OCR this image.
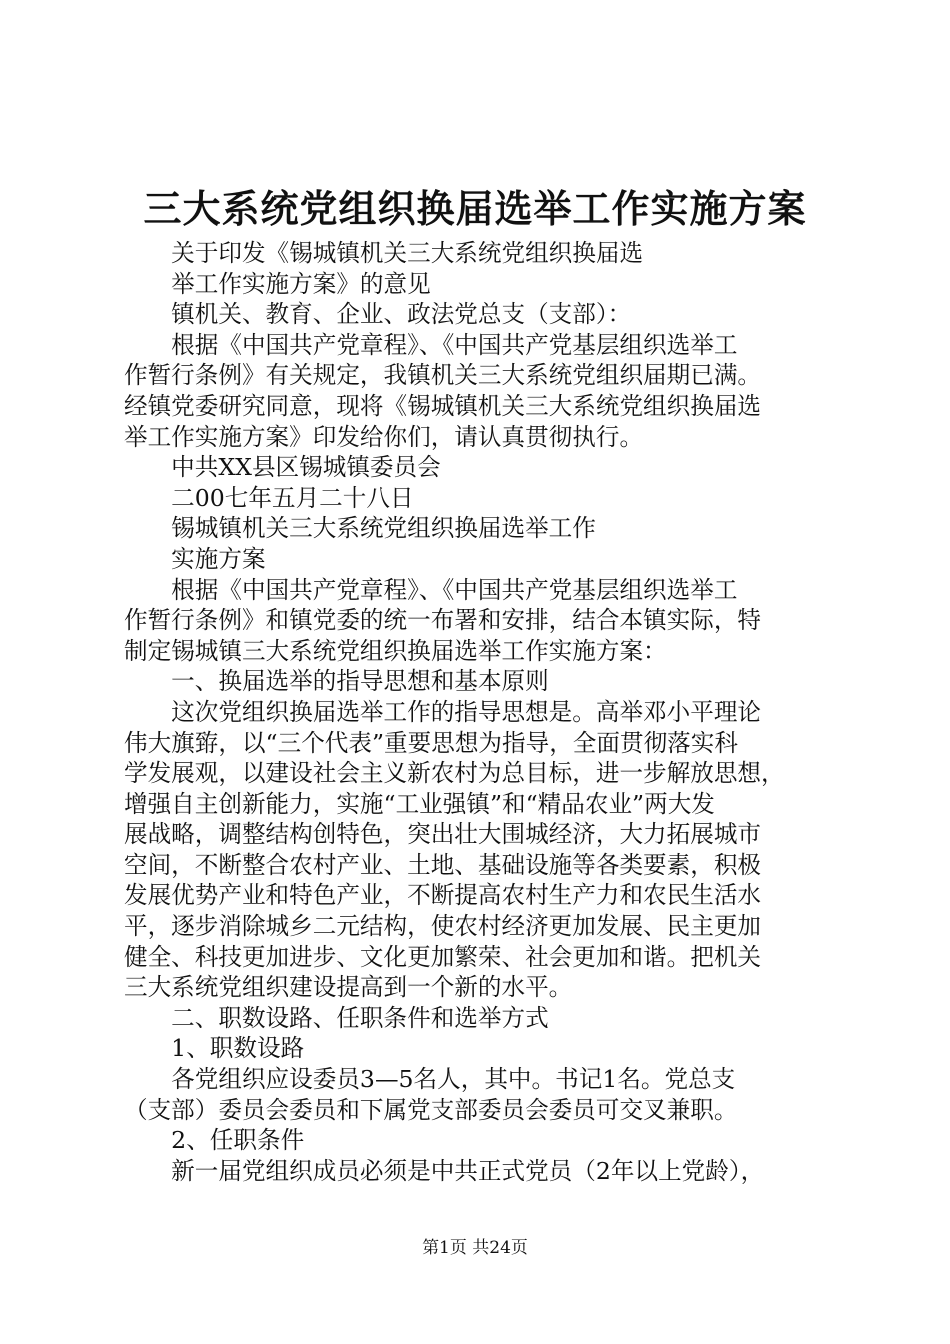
三大系统党组织换届选举工作实施方案

　　关于印发《锡城镇机关三大系统党组织换届选

　　举工作实施方案》的意见

　　镇机关、教育、企业、政法党总支（支部）：

　　根据《中国共产党章程》、《中国共产党基层组织选举工

作暂行条例》有关规定，我镇机关三大系统党组织届期已满。

经镇党委研究同意，现将《锡城镇机关三大系统党组织换届选

举工作实施方案》印发给你们，请认真贯彻执行。

　　中共XX县区锡城镇委员会

　　二00七年五月二十八日

　　锡城镇机关三大系统党组织换届选举工作

　　实施方案

　　根据《中国共产党章程》、《中国共产党基层组织选举工

作暂行条例》和镇党委的统一布署和安排，结合本镇实际，特

制定锡城镇三大系统党组织换届选举工作实施方案：

　　一、换届选举的指导思想和基本原则

　　这次党组织换届选举工作的指导思想是。高举邓小平理论

伟大旗臶，以“三个代表”重要思想为指导，全面贯彻落实科

学发展观，以建设社会主义新农村为总目标，进一步解放思想，

增强自主创新能力，实施“工业强镇”和“精品农业”两大发

展战略，调整结构创特色，突出壮大围城经济，大力拓展城市

空间，不断整合农村产业、土地、基础设施等各类要素，积极

发展优势产业和特色产业，不断提高农村生产力和农民生活水

平，逐步消除城乡二元结构，使农村经济更加发展、民主更加

健全、科技更加进步、文化更加繁荣、社会更加和谐。把机关

三大系统党组织建设提高到一个新的水平。

　　二、职数设路、任职条件和选举方式

　　1、职数设路

　　各党组织应设委员3—5名人，其中。书记1名。党总支

（支部）委员会委员和下属党支部委员会委员可交叉兼职。

　　2、任职条件

　　新一届党组织成员必须是中共正式党员（2年以上党龄），

第1页 共24页
